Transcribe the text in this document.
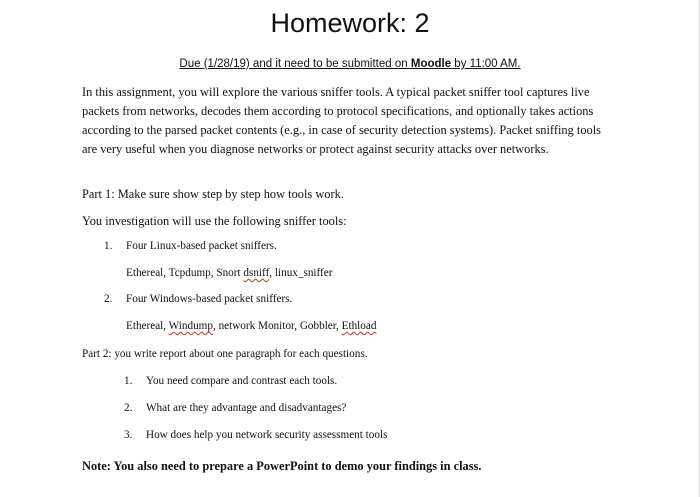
Homework: 2
Due (1/28/19) and it need to be submitted on Moodle by 11:00 AM.

In this assignment, you will explore the various sniffer tools. A typical packet sniffer tool captures live packets from networks, decodes them according to protocol specifications, and optionally takes actions according to the parsed packet contents (e.g., in case of security detection systems). Packet sniffing tools are very useful when you diagnose networks or protect against security attacks over networks.

Part 1: Make sure show step by step how tools work.

You investigation will use the following sniffer tools:

1. Four Linux-based packet sniffers.

Ethereal, Tcpdump, Snort dsniff, linux_sniffer

2. Four Windows-based packet sniffers.

Ethereal, Windump, network Monitor, Gobbler, Ethload

Part 2: you write report about one paragraph for each questions.

1. You need compare and contrast each tools.

2. What are they advantage and disadvantages?

3. How does help you network security assessment tools

Note: You also need to prepare a PowerPoint to demo your findings in class.
